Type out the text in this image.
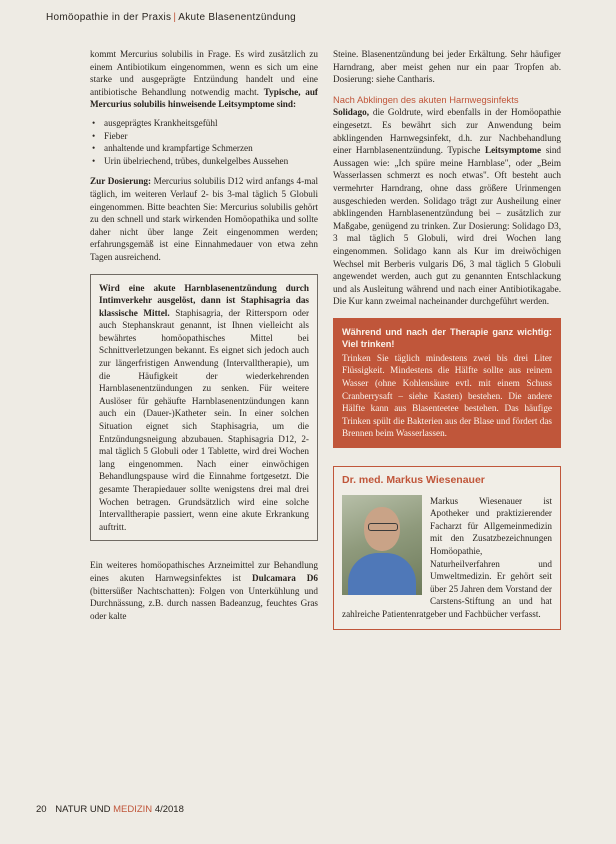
Homöopathie in der Praxis | Akute Blasenentzündung

kommt Mercurius solubilis in Frage. Es wird zusätzlich zu einem Antibiotikum eingenommen, wenn es sich um eine starke und ausgeprägte Entzündung handelt und eine antibiotische Behandlung notwendig macht. Typische, auf Mercurius solubilis hinweisende Leitsymptome sind:

• ausgeprägtes Krankheitsgefühl
• Fieber
• anhaltende und krampfartige Schmerzen
• Urin übelriechend, trübes, dunkelgelbes Aussehen

Zur Dosierung: Mercurius solubilis D12 wird anfangs 4-mal täglich, im weiteren Verlauf 2- bis 3-mal täglich 5 Globuli eingenommen. Bitte beachten Sie: Mercurius solubilis gehört zu den schnell und stark wirkenden Homöopathika und sollte daher nicht über lange Zeit eingenommen werden; erfahrungsgemäß ist eine Einnahmedauer von etwa zehn Tagen ausreichend.

Wird eine akute Harnblasenentzündung durch Intimverkehr ausgelöst, dann ist Staphisagria das klassische Mittel. Staphisagria, der Rittersporn oder auch Stephanskraut genannt, ist Ihnen vielleicht als bewährtes homöopathisches Mittel bei Schnittverletzungen bekannt. Es eignet sich jedoch auch zur längerfristigen Anwendung (Intervalltherapie), um die Häufigkeit der wiederkehrenden Harnblasenentzündungen zu senken. Für weitere Auslöser für gehäufte Harnblasenentzündungen kann auch ein (Dauer-)Katheter sein. In einer solchen Situation eignet sich Staphisagria, um die Entzündungsneigung abzubauen. Staphisagria D12, 2-mal täglich 5 Globuli oder 1 Tablette, wird drei Wochen lang eingenommen. Nach einer einwöchigen Behandlungspause wird die Einnahme fortgesetzt. Die gesamte Therapiedauer sollte wenigstens drei mal drei Wochen betragen. Grundsätzlich wird eine solche Intervalltherapie passiert, wenn eine akute Erkrankung auftritt.

Ein weiteres homöopathisches Arzneimittel zur Behandlung eines akuten Harnwegsinfektes ist Dulcamara D6 (bittersüßer Nachtschatten): Folgen von Unterkühlung und Durchnässung, z.B. durch nassen Badeanzug, feuchtes Gras oder kalte

Steine. Blasenentzündung bei jeder Erkältung. Sehr häufiger Harndrang, aber meist gehen nur ein paar Tropfen ab. Dosierung: siehe Cantharis.

Nach Abklingen des akuten Harnwegsinfekts

Solidago, die Goldrute, wird ebenfalls in der Homöopathie eingesetzt. Es bewährt sich zur Anwendung beim abklingenden Harnwegsinfekt, d.h. zur Nachbehandlung einer Harnblasenentzündung. Typische Leitsymptome sind Aussagen wie: „Ich spüre meine Harnblase", oder „Beim Wasserlassen schmerzt es noch etwas". Oft besteht auch vermehrter Harndrang, ohne dass größere Urinmengen ausgeschieden werden. Solidago trägt zur Ausheilung einer abklingenden Harnblasenentzündung bei – zusätzlich zur Maßgabe, genügend zu trinken. Zur Dosierung: Solidago D3, 3 mal täglich 5 Globuli, wird drei Wochen lang eingenommen. Solidago kann als Kur im dreiwöchigen Wechsel mit Berberis vulgaris D6, 3 mal täglich 5 Globuli angewendet werden, auch gut zu genannten Entschlackung und als Ausleitung während und nach einer Antibiotikagabe. Die Kur kann zweimal nacheinander durchgeführt werden.

Während und nach der Therapie ganz wichtig: Viel trinken!
Trinken Sie täglich mindestens zwei bis drei Liter Flüssigkeit. Mindestens die Hälfte sollte aus reinem Wasser (ohne Kohlensäure evtl. mit einem Schuss Cranberrysaft – siehe Kasten) bestehen. Die andere Hälfte kann aus Blasenteetee bestehen. Das häufige Trinken spült die Bakterien aus der Blase und fördert das Brennen beim Wasserlassen.
Dr. med. Markus Wiesenauer
Markus Wiesenauer ist Apotheker und praktizierender Facharzt für Allgemeinmedizin mit den Zusatzbezeichnungen Homöopathie, Naturheilverfahren und Umweltmedizin. Er gehört seit über 25 Jahren dem Vorstand der Carstens-Stiftung an und hat zahlreiche Patientenratgeber und Fachbücher verfasst.
20 NATUR UND MEDIZIN 4/2018
